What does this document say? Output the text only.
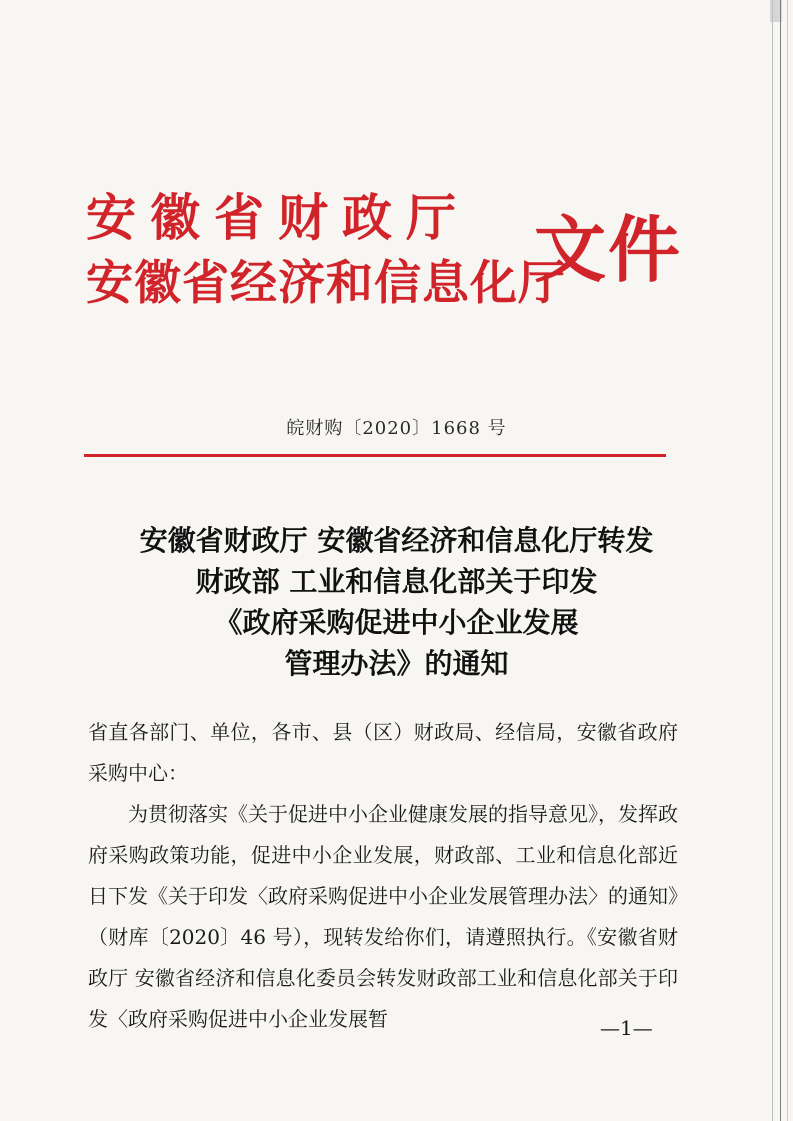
安徽省财政厅
安徽省经济和信息化厅
文件
皖财购〔2020〕1668 号
安徽省财政厅 安徽省经济和信息化厅转发
财政部 工业和信息化部关于印发
《政府采购促进中小企业发展
管理办法》的通知

省直各部门、单位，各市、县（区）财政局、经信局，安徽省政府采购中心：

为贯彻落实《关于促进中小企业健康发展的指导意见》，发挥政府采购政策功能，促进中小企业发展，财政部、工业和信息化部近日下发《关于印发〈政府采购促进中小企业发展管理办法〉的通知》（财库〔2020〕46 号），现转发给你们，请遵照执行。《安徽省财政厅 安徽省经济和信息化委员会转发财政部工业和信息化部关于印发〈政府采购促进中小企业发展暂	—1—
